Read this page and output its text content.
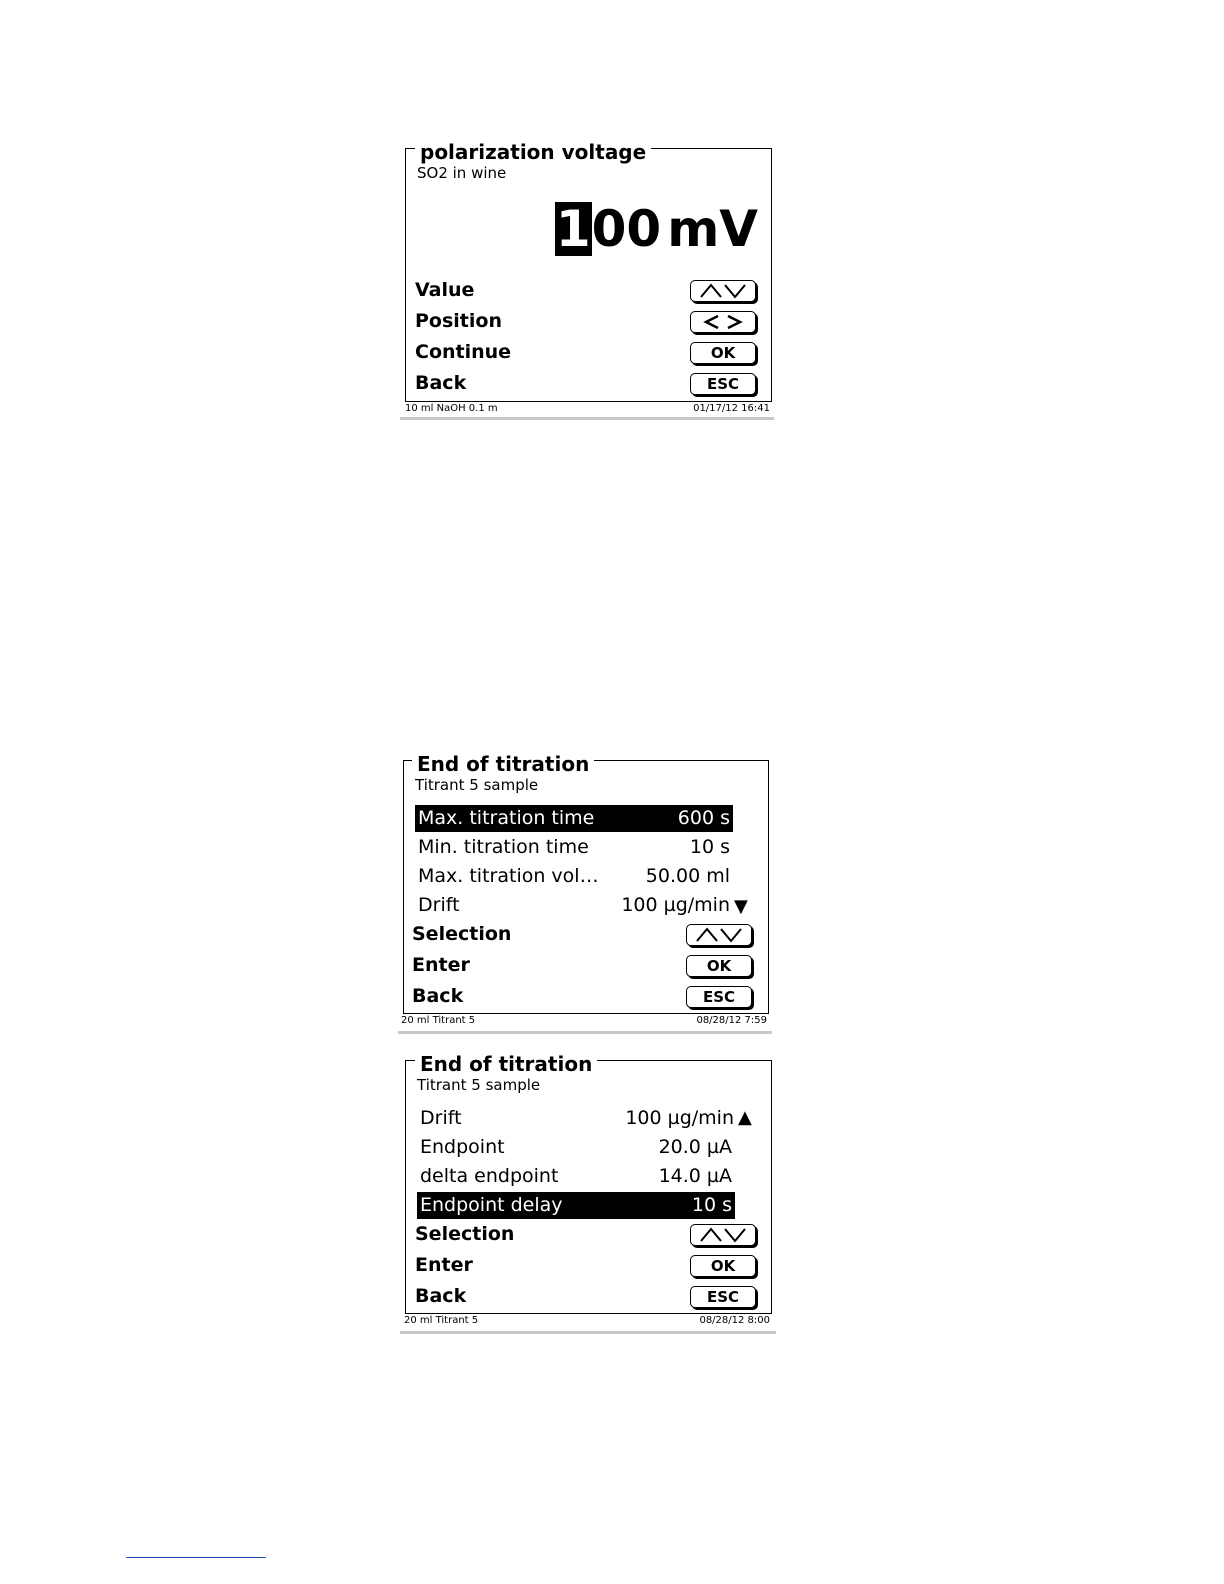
polarization voltage
SO2 in wine
100 mV
Value
Position
Continue	OK
Back	ESC
10 ml NaOH 0.1 m	01/17/12 16:41
End of titration
Titrant 5 sample
Max. titration time	600 s
Min. titration time	10 s
Max. titration vol… 50.00 ml
Drift	100 µg/min ▼
Selection
Enter	OK
Back	ESC
20 ml Titrant 5	08/28/12 7:59
End of titration
Titrant 5 sample
Drift	100 µg/min ▲
Endpoint	20.0 µA
delta endpoint	14.0 µA
Endpoint delay	10 s
Selection
Enter	OK
Back	ESC
20 ml Titrant 5	08/28/12 8:00
